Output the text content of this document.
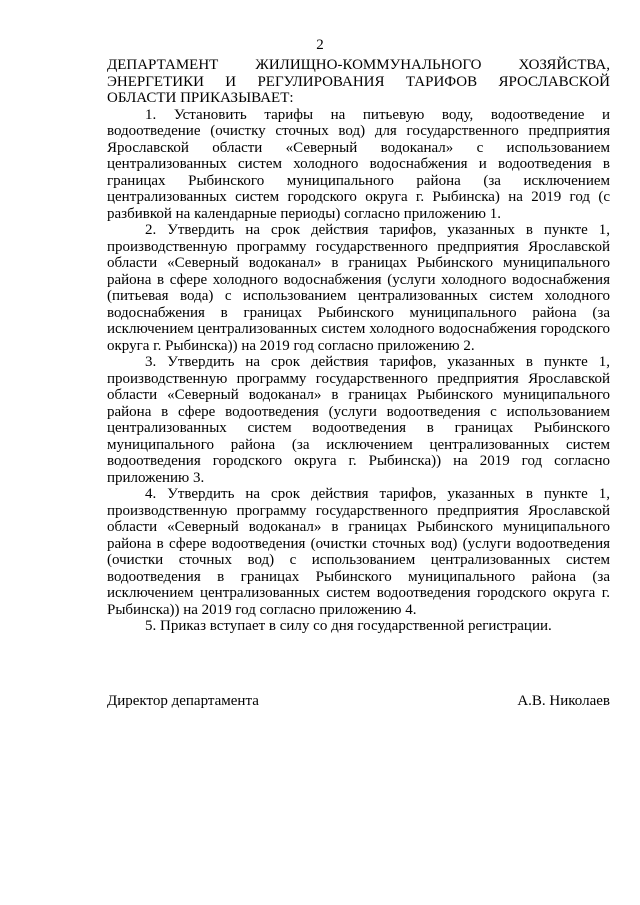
2

ДЕПАРТАМЕНТ ЖИЛИЩНО-КОММУНАЛЬНОГО ХОЗЯЙСТВА, ЭНЕРГЕТИКИ И РЕГУЛИРОВАНИЯ ТАРИФОВ ЯРОСЛАВСКОЙ ОБЛАСТИ ПРИКАЗЫВАЕТ:

1. Установить тарифы на питьевую воду, водоотведение и водоотведение (очистку сточных вод) для государственного предприятия Ярославской области «Северный водоканал» с использованием централизованных систем холодного водоснабжения и водоотведения в границах Рыбинского муниципального района (за исключением централизованных систем городского округа г. Рыбинска) на 2019 год (с разбивкой на календарные периоды) согласно приложению 1.

2. Утвердить на срок действия тарифов, указанных в пункте 1, производственную программу государственного предприятия Ярославской области «Северный водоканал» в границах Рыбинского муниципального района в сфере холодного водоснабжения (услуги холодного водоснабжения (питьевая вода) с использованием централизованных систем холодного водоснабжения в границах Рыбинского муниципального района (за исключением централизованных систем холодного водоснабжения городского округа г. Рыбинска)) на 2019 год согласно приложению 2.

3. Утвердить на срок действия тарифов, указанных в пункте 1, производственную программу государственного предприятия Ярославской области «Северный водоканал» в границах Рыбинского муниципального района в сфере водоотведения (услуги водоотведения с использованием централизованных систем водоотведения в границах Рыбинского муниципального района (за исключением централизованных систем водоотведения городского округа г. Рыбинска)) на 2019 год согласно приложению 3.

4. Утвердить на срок действия тарифов, указанных в пункте 1, производственную программу государственного предприятия Ярославской области «Северный водоканал» в границах Рыбинского муниципального района в сфере водоотведения (очистки сточных вод) (услуги водоотведения (очистки сточных вод) с использованием централизованных систем водоотведения в границах Рыбинского муниципального района (за исключением централизованных систем водоотведения городского округа г. Рыбинска)) на 2019 год согласно приложению 4.

5. Приказ вступает в силу со дня государственной регистрации.

Директор департамента	А.В. Николаев
